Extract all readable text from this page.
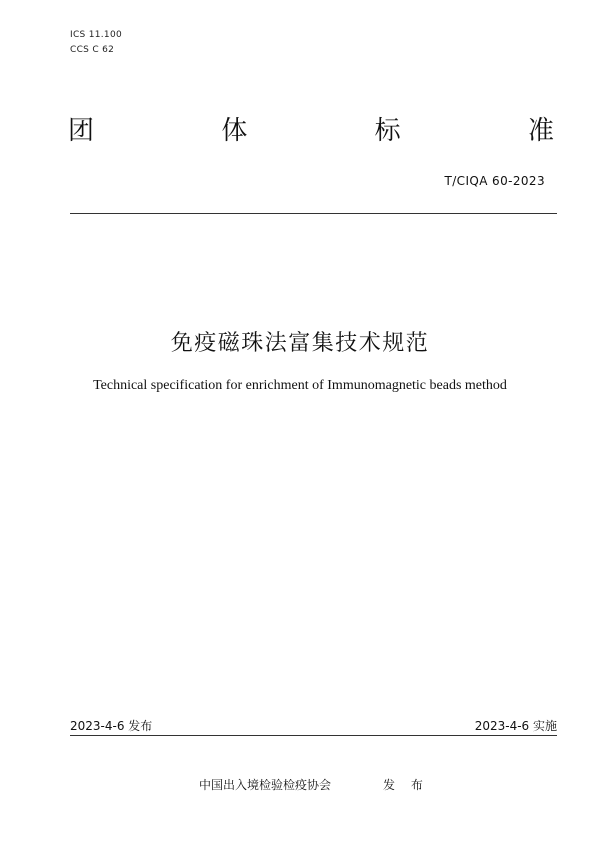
ICS 11.100
CCS C 62
团	体	标	准
T/CIQA 60-2023
免疫磁珠法富集技术规范
Technical specification for enrichment of Immunomagnetic beads method
2023-4-6 发布	2023-4-6 实施
中国出入境检验检疫协会	发 布
